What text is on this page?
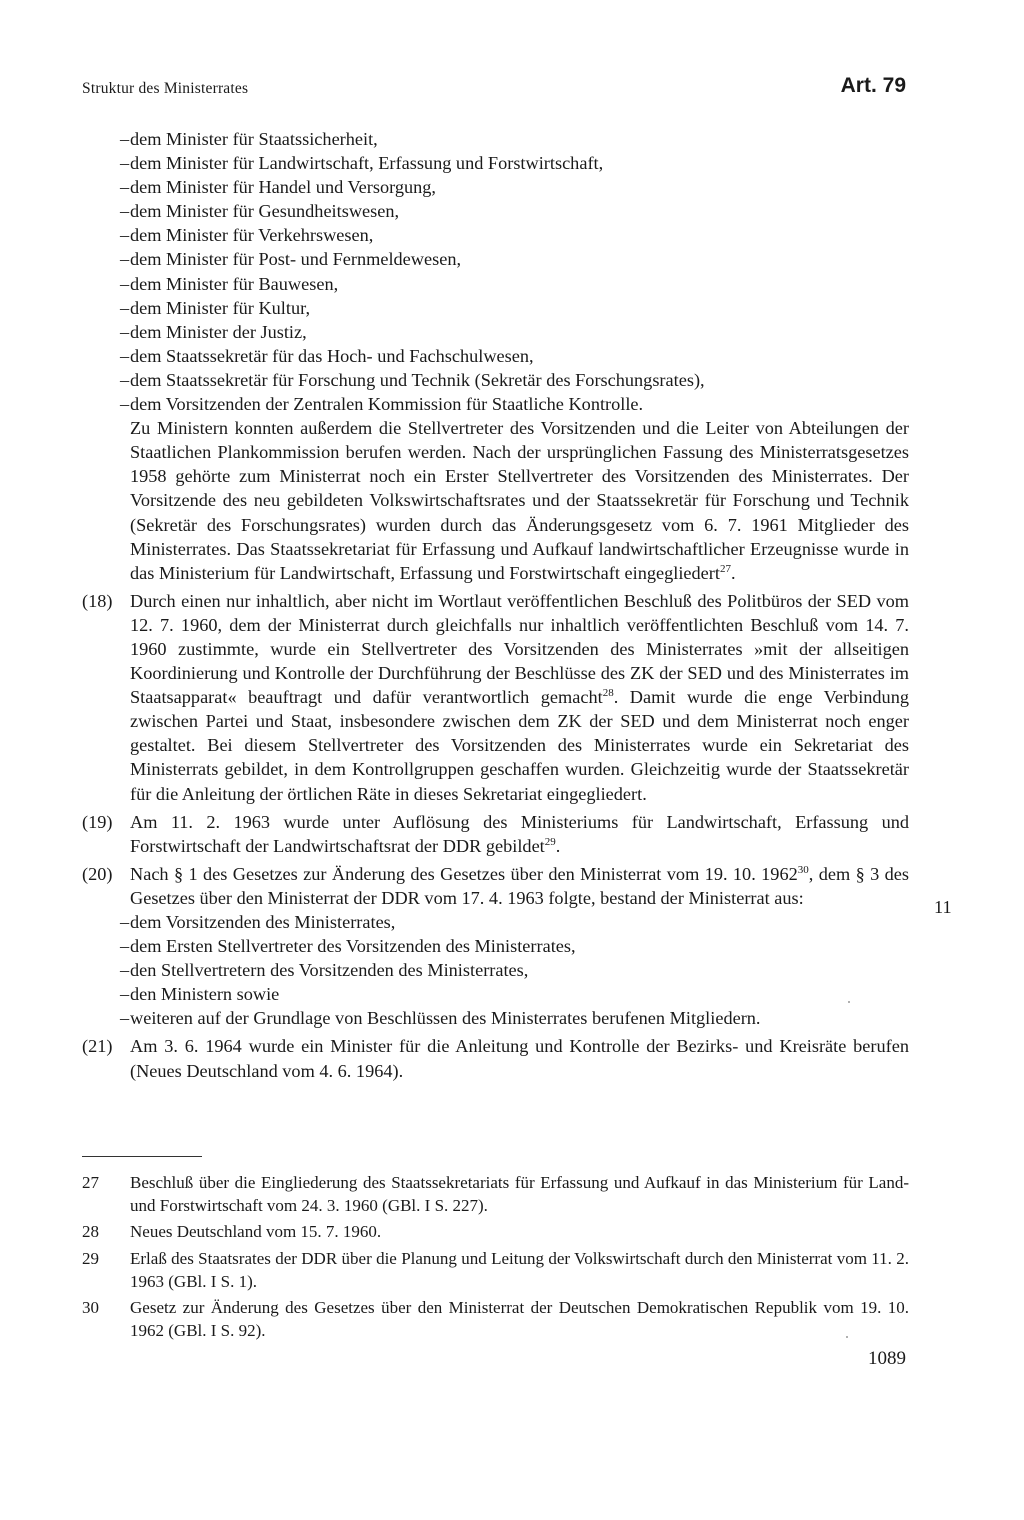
Struktur des Ministerrates	Art. 79
– dem Minister für Staatssicherheit,
– dem Minister für Landwirtschaft, Erfassung und Forstwirtschaft,
– dem Minister für Handel und Versorgung,
– dem Minister für Gesundheitswesen,
– dem Minister für Verkehrswesen,
– dem Minister für Post- und Fernmeldewesen,
– dem Minister für Bauwesen,
– dem Minister für Kultur,
– dem Minister der Justiz,
– dem Staatssekretär für das Hoch- und Fachschulwesen,
– dem Staatssekretär für Forschung und Technik (Sekretär des Forschungsrates),
– dem Vorsitzenden der Zentralen Kommission für Staatliche Kontrolle.
Zu Ministern konnten außerdem die Stellvertreter des Vorsitzenden und die Leiter von Abteilungen der Staatlichen Plankommission berufen werden. Nach der ursprünglichen Fassung des Ministerratsgesetzes 1958 gehörte zum Ministerrat noch ein Erster Stellvertreter des Vorsitzenden des Ministerrates. Der Vorsitzende des neu gebildeten Volkswirtschaftsrates und der Staatssekretär für Forschung und Technik (Sekretär des Forschungsrates) wurden durch das Änderungsgesetz vom 6. 7. 1961 Mitglieder des Ministerrates. Das Staatssekretariat für Erfassung und Aufkauf landwirtschaftlicher Erzeugnisse wurde in das Ministerium für Landwirtschaft, Erfassung und Forstwirtschaft eingegliedert$^{27}$.
(18) Durch einen nur inhaltlich, aber nicht im Wortlaut veröffentlichen Beschluß des Politbüros der SED vom 12. 7. 1960, dem der Ministerrat durch gleichfalls nur inhaltlich veröffentlichten Beschluß vom 14. 7. 1960 zustimmte, wurde ein Stellvertreter des Vorsitzenden des Ministerrates »mit der allseitigen Koordinierung und Kontrolle der Durchführung der Beschlüsse des ZK der SED und des Ministerrates im Staatsapparat« beauftragt und dafür verantwortlich gemacht$^{28}$. Damit wurde die enge Verbindung zwischen Partei und Staat, insbesondere zwischen dem ZK der SED und dem Ministerrat noch enger gestaltet. Bei diesem Stellvertreter des Vorsitzenden des Ministerrates wurde ein Sekretariat des Ministerrats gebildet, in dem Kontrollgruppen geschaffen wurden. Gleichzeitig wurde der Staatssekretär für die Anleitung der örtlichen Räte in dieses Sekretariat eingegliedert.
(19) Am 11. 2. 1963 wurde unter Auflösung des Ministeriums für Landwirtschaft, Erfassung und Forstwirtschaft der Landwirtschaftsrat der DDR gebildet$^{29}$.
(20) Nach § 1 des Gesetzes zur Änderung des Gesetzes über den Ministerrat vom 19. 10. 1962$^{30}$, dem § 3 des Gesetzes über den Ministerrat der DDR vom 17. 4. 1963 folgte, bestand der Ministerrat aus:
– dem Vorsitzenden des Ministerrates,
– dem Ersten Stellvertreter des Vorsitzenden des Ministerrates,
– den Stellvertretern des Vorsitzenden des Ministerrates,
– den Ministern sowie
– weiteren auf der Grundlage von Beschlüssen des Ministerrates berufenen Mitgliedern.
(21) Am 3. 6. 1964 wurde ein Minister für die Anleitung und Kontrolle der Bezirks- und Kreisräte berufen (Neues Deutschland vom 4. 6. 1964).
11
27 Beschluß über die Eingliederung des Staatssekretariats für Erfassung und Aufkauf in das Ministerium für Land- und Forstwirtschaft vom 24. 3. 1960 (GBl. I S. 227).
28 Neues Deutschland vom 15. 7. 1960.
29 Erlaß des Staatsrates der DDR über die Planung und Leitung der Volkswirtschaft durch den Ministerrat vom 11. 2. 1963 (GBl. I S. 1).
30 Gesetz zur Änderung des Gesetzes über den Ministerrat der Deutschen Demokratischen Republik vom 19. 10. 1962 (GBl. I S. 92).
1089
